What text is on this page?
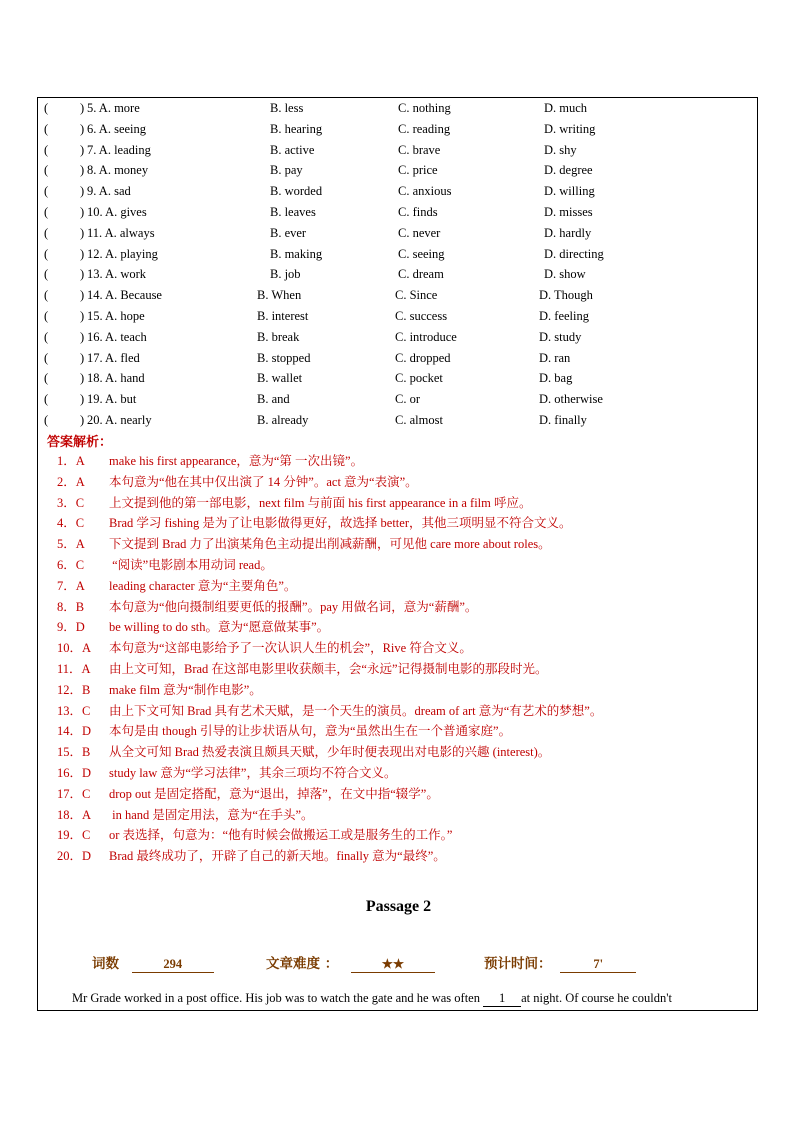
(	) 5. A. more	B. less	C. nothing	D. much
(	) 6. A. seeing	B. hearing	C. reading	D. writing
(	) 7. A. leading	B. active	C. brave	D. shy
(	) 8. A. money	B. pay	C. price	D. degree
(	) 9. A. sad	B. worded	C. anxious	D. willing
(	) 10. A. gives	B. leaves	C. finds	D. misses
(	) 11. A. always	B. ever	C. never	D. hardly
(	) 12. A. playing	B. making	C. seeing	D. directing
(	) 13. A. work	B. job	C. dream	D. show
(	) 14. A. Because	B. When	C. Since	D. Though
(	) 15. A. hope	B. interest	C. success	D. feeling
(	) 16. A. teach	B. break	C. introduce	D. study
(	) 17. A. fled	B. stopped	C. dropped	D. ran
(	) 18. A. hand	B. wallet	C. pocket	D. bag
(	) 19. A. but	B. and	C. or	D. otherwise
(	) 20. A. nearly	B. already	C. almost	D. finally
答案解析：
1．A make his first appearance，意为“第 一次出镜”。
2．A 本句意为“他在其中仅出演了 14 分钟”。act 意为“表演”。
3．C 上文提到他的第一部电影，next film 与前面 his first appearance in a film 呼应。
4．C Brad 学习 fishing 是为了让电影做得更好，故选择 better，其他三项明显不符合文义。
5．A 下文提到 Brad 力了出演某角色主动提出削减薪酬，可见他 care more about roles。
6．C “阅读”电影剧本用动词 read。
7．A leading character 意为“主要角色”。
8．B 本句意为“他向摄制组要更低的报酬”。pay 用做名词，意为“薪酬”。
9．D be willing to do sth。意为“愿意做某事”。
10．A 本句意为“这部电影给予了一次认识人生的机会”，Rive 符合文义。
11．A 由上文可知，Brad 在这部电影里收获颇丰，会“永远”记得摄制电影的那段时光。
12．B make film 意为“制作电影”。
13．C 由上下文可知 Brad 具有艺术天赋，是一个天生的演员。dream of art 意为“有艺术的梦想”。
14．D 本句是由 though 引导的让步状语从句，意为“虽然出生在一个普通家庭”。
15．B 从全文可知 Brad 热爱表演且颇具天赋，少年时便表现出对电影的兴趣 (interest)。
16．D study law 意为“学习法律”，其余三项均不符合文义。
17．C drop out 是固定搭配，意为“退出，掉落”，在文中指“辍学”。
18．A in hand 是固定用法，意为“在手头”。
19．C or 表选择，句意为：“他有时候会做搬运工或是服务生的工作。”
20．D Brad 最终成功了，开辟了自己的新天地。finally 意为“最终”。
Passage 2
词数	294	文章难度 ：	★★	预计时间：	7'
Mr Grade worked in a post office. His job was to watch the gate and he was often 1 at night. Of course he couldn't
